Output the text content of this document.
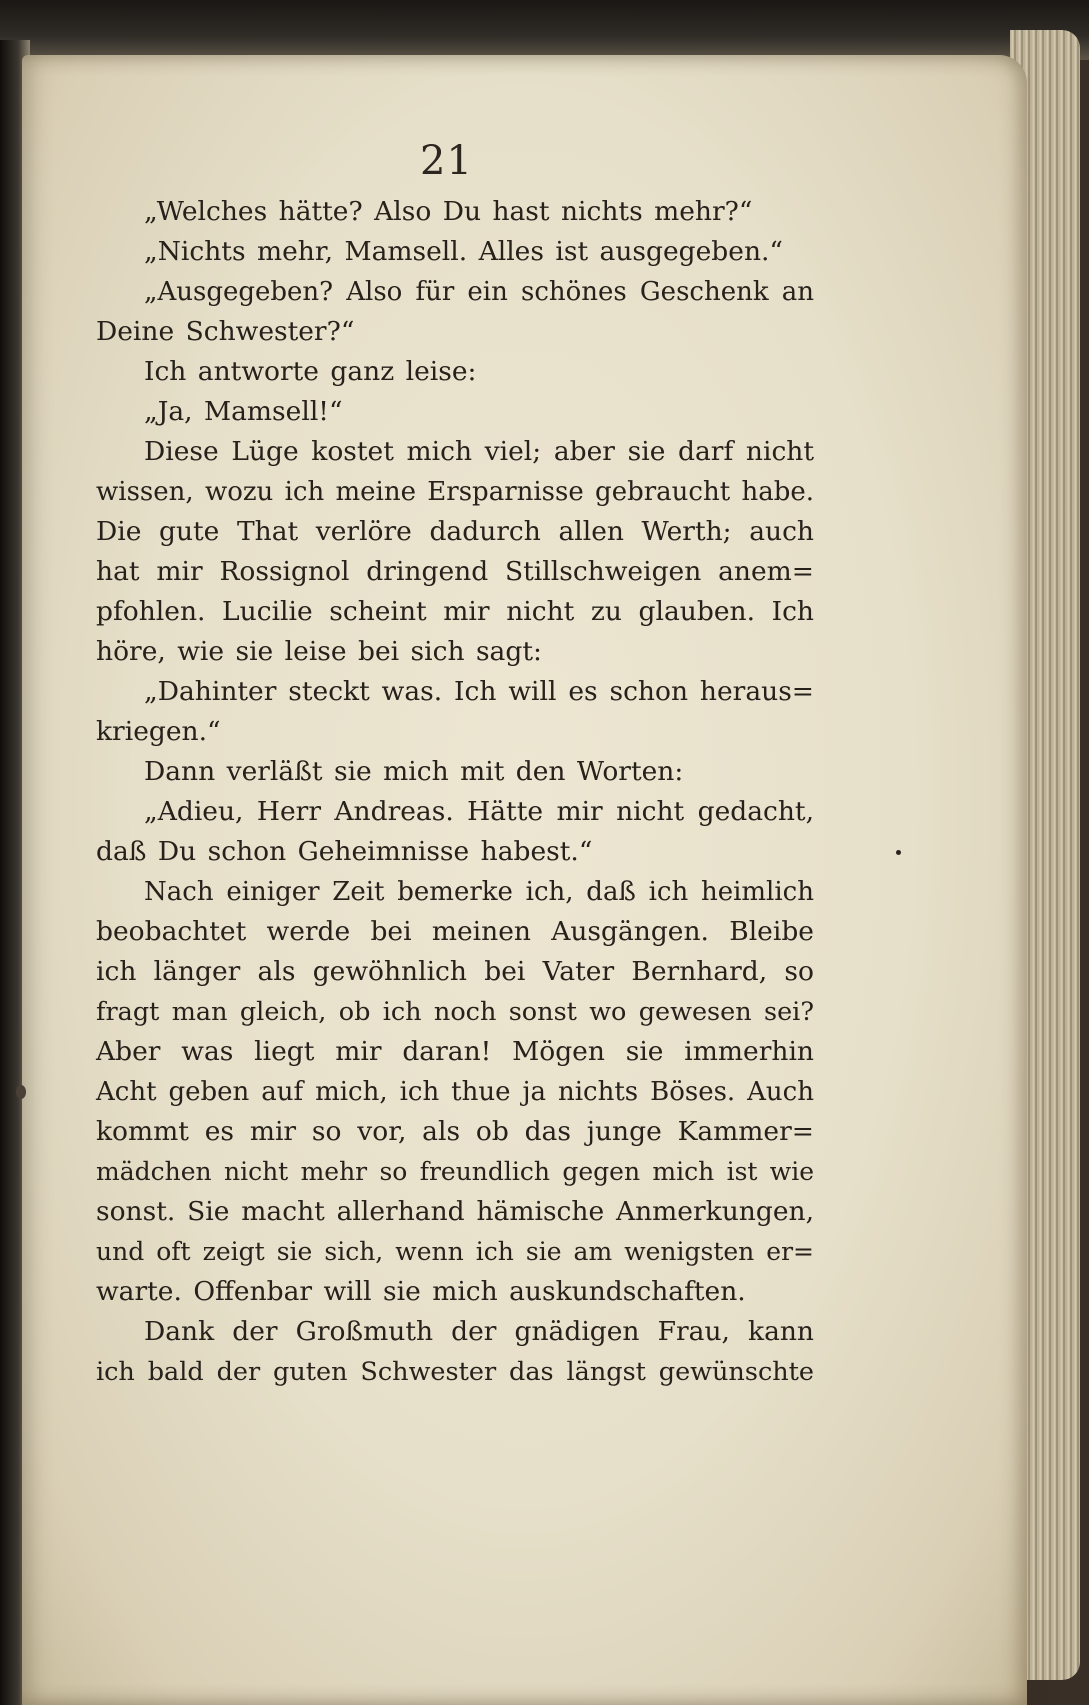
21
„Welches hätte? Also Du hast nichts mehr?“
„Nichts mehr, Mamsell. Alles ist ausgegeben.“
„Ausgegeben? Also für ein schönes Geschenk an
Deine Schwester?“
Ich antworte ganz leise:
„Ja, Mamsell!“
Diese Lüge kostet mich viel; aber sie darf nicht
wissen, wozu ich meine Ersparnisse gebraucht habe.
Die gute That verlöre dadurch allen Werth; auch
hat mir Rossignol dringend Stillschweigen anem=
pfohlen. Lucilie scheint mir nicht zu glauben. Ich
höre, wie sie leise bei sich sagt:
„Dahinter steckt was. Ich will es schon heraus=
kriegen.“
Dann verläßt sie mich mit den Worten:
„Adieu, Herr Andreas. Hätte mir nicht gedacht,
daß Du schon Geheimnisse habest.“
Nach einiger Zeit bemerke ich, daß ich heimlich
beobachtet werde bei meinen Ausgängen. Bleibe
ich länger als gewöhnlich bei Vater Bernhard, so
fragt man gleich, ob ich noch sonst wo gewesen sei?
Aber was liegt mir daran! Mögen sie immerhin
Acht geben auf mich, ich thue ja nichts Böses. Auch
kommt es mir so vor, als ob das junge Kammer=
mädchen nicht mehr so freundlich gegen mich ist wie
sonst. Sie macht allerhand hämische Anmerkungen,
und oft zeigt sie sich, wenn ich sie am wenigsten er=
warte. Offenbar will sie mich auskundschaften.
Dank der Großmuth der gnädigen Frau, kann
ich bald der guten Schwester das längst gewünschte
